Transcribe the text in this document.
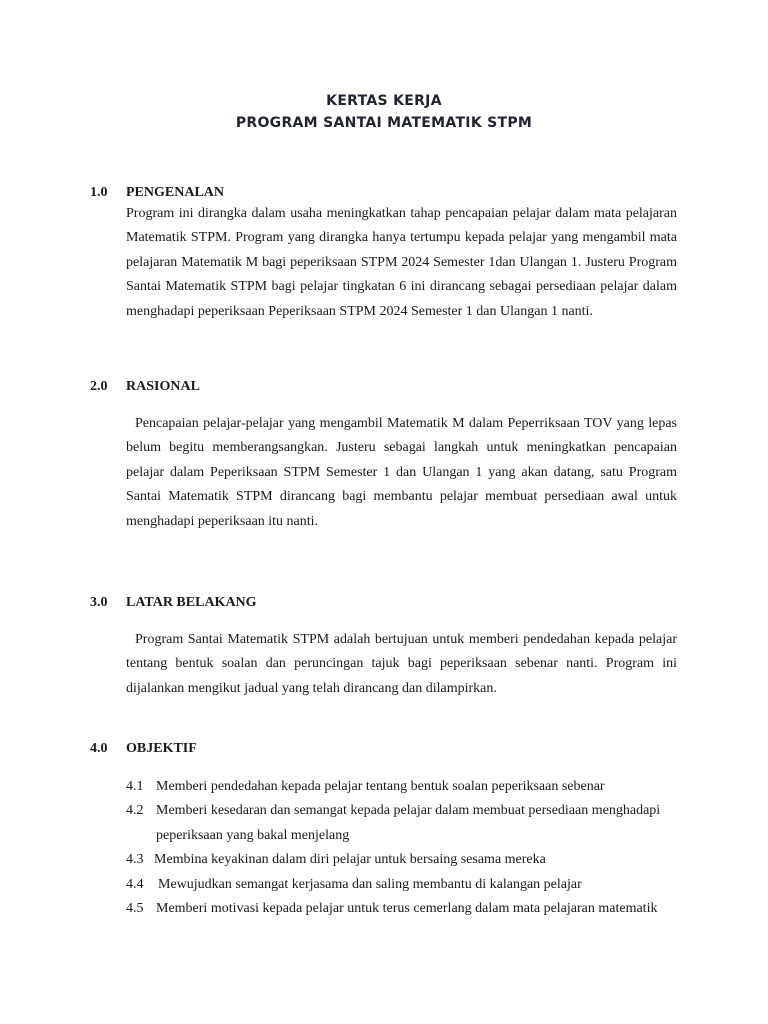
KERTAS KERJA
PROGRAM SANTAI MATEMATIK STPM
1.0 PENGENALAN
Program ini dirangka dalam usaha meningkatkan tahap pencapaian pelajar dalam mata pelajaran Matematik STPM. Program yang dirangka hanya tertumpu kepada pelajar yang mengambil mata pelajaran Matematik M bagi peperiksaan STPM 2024 Semester 1dan Ulangan 1. Justeru Program Santai Matematik STPM bagi pelajar tingkatan 6 ini dirancang sebagai persediaan pelajar dalam menghadapi peperiksaan Peperiksaan STPM 2024 Semester 1 dan Ulangan 1 nanti.
2.0 RASIONAL
Pencapaian pelajar-pelajar yang mengambil Matematik M dalam Peperriksaan TOV yang lepas belum begitu memberangsangkan. Justeru sebagai langkah untuk meningkatkan pencapaian pelajar dalam Peperiksaan STPM Semester 1 dan Ulangan 1 yang akan datang, satu Program Santai Matematik STPM dirancang bagi membantu pelajar membuat persediaan awal untuk menghadapi peperiksaan itu nanti.
3.0 LATAR BELAKANG
Program Santai Matematik STPM adalah bertujuan untuk memberi pendedahan kepada pelajar tentang bentuk soalan dan peruncingan tajuk bagi peperiksaan sebenar nanti. Program ini dijalankan mengikut jadual yang telah dirancang dan dilampirkan.
4.0 OBJEKTIF
4.1 Memberi pendedahan kepada pelajar tentang bentuk soalan peperiksaan sebenar
4.2 Memberi kesedaran dan semangat kepada pelajar dalam membuat persediaan menghadapi
peperiksaan yang bakal menjelang
4.3 Membina keyakinan dalam diri pelajar untuk bersaing sesama mereka
4.4 Mewujudkan semangat kerjasama dan saling membantu di kalangan pelajar
4.5 Memberi motivasi kepada pelajar untuk terus cemerlang dalam mata pelajaran matematik
